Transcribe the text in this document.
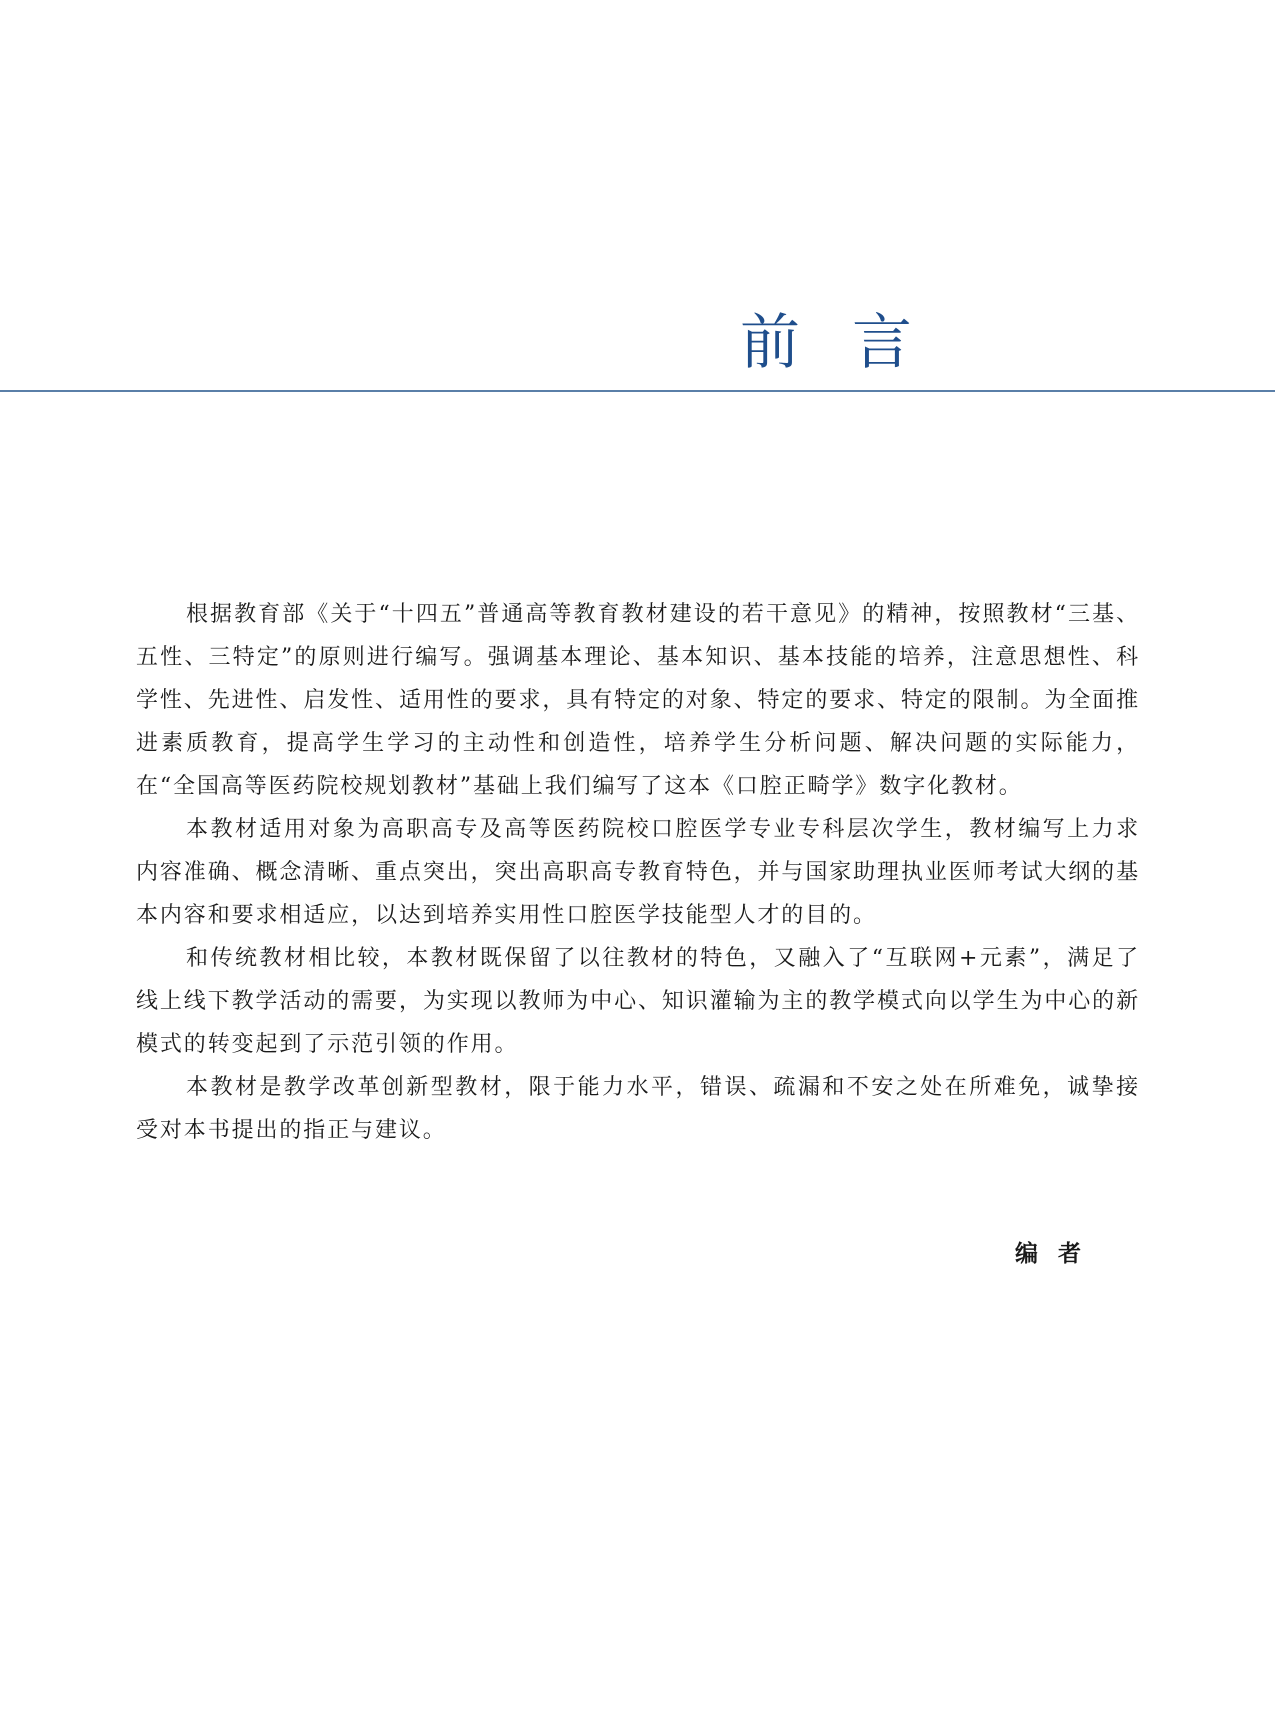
前言

根据教育部《关于“十四五”普通高等教育教材建设的若干意见》的精神，按照教材“三基、五性、三特定”的原则进行编写。强调基本理论、基本知识、基本技能的培养，注意思想性、科学性、先进性、启发性、适用性的要求，具有特定的对象、特定的要求、特定的限制。为全面推进素质教育，提高学生学习的主动性和创造性，培养学生分析问题、解决问题的实际能力，在“全国高等医药院校规划教材”基础上我们编写了这本《口腔正畸学》数字化教材。

本教材适用对象为高职高专及高等医药院校口腔医学专业专科层次学生，教材编写上力求内容准确、概念清晰、重点突出，突出高职高专教育特色，并与国家助理执业医师考试大纲的基本内容和要求相适应，以达到培养实用性口腔医学技能型人才的目的。

和传统教材相比较，本教材既保留了以往教材的特色，又融入了“互联网+元素”，满足了线上线下教学活动的需要，为实现以教师为中心、知识灌输为主的教学模式向以学生为中心的新模式的转变起到了示范引领的作用。

本教材是教学改革创新型教材，限于能力水平，错误、疏漏和不安之处在所难免，诚挚接受对本书提出的指正与建议。

编者
